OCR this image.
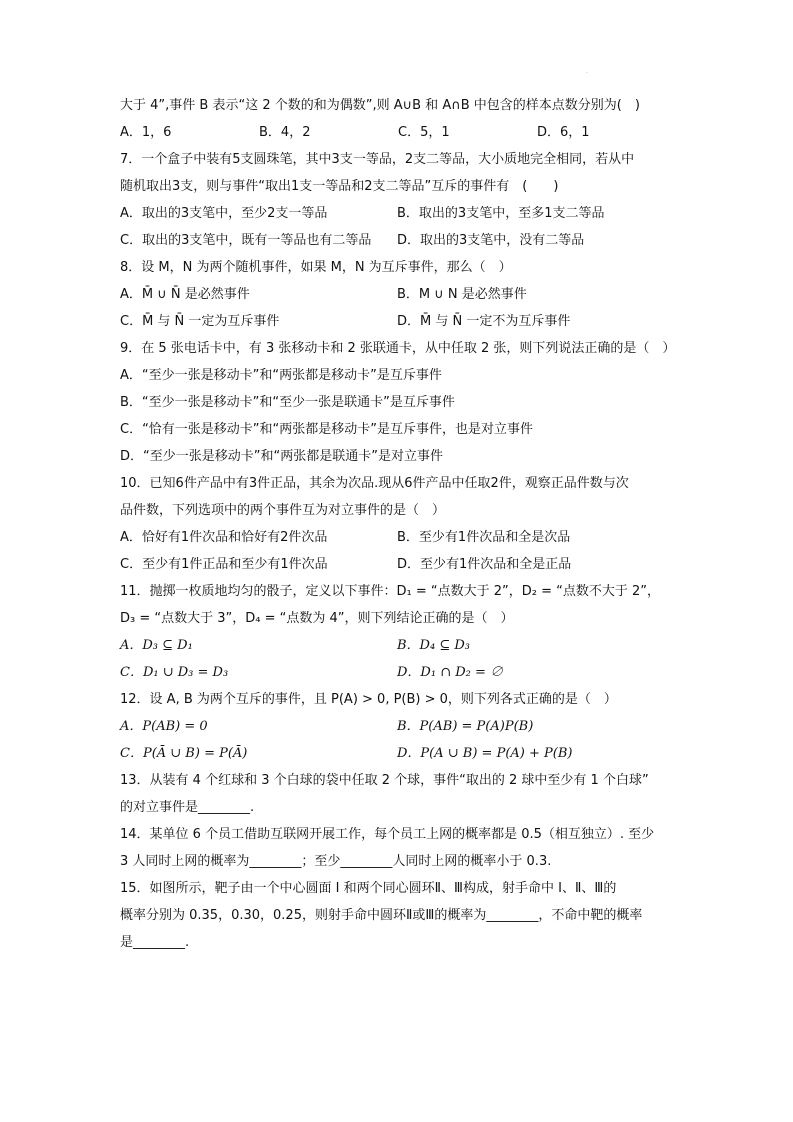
·
大于 4”,事件 B 表示“这 2 个数的和为偶数”,则 A∪B 和 A∩B 中包含的样本点数分别为(　)
A．1，6	B．4，2	C．5，1	D．6，1
7．一个盒子中装有5支圆珠笔，其中3支一等品，2支二等品，大小质地完全相同，若从中
随机取出3支，则与事件“取出1支一等品和2支二等品”互斥的事件有　(　　)
A．取出的3支笔中，至少2支一等品	B．取出的3支笔中，至多1支二等品
C．取出的3支笔中，既有一等品也有二等品	D．取出的3支笔中，没有二等品
8．设 M，N 为两个随机事件，如果 M，N 为互斥事件，那么（　）
A．M̄ ∪ N̄ 是必然事件	B．M ∪ N 是必然事件
C．M̄ 与 N̄ 一定为互斥事件	D．M̄ 与 N̄ 一定不为互斥事件
9．在 5 张电话卡中，有 3 张移动卡和 2 张联通卡，从中任取 2 张，则下列说法正确的是（　）
A．“至少一张是移动卡”和“两张都是移动卡”是互斥事件
B．“至少一张是移动卡”和“至少一张是联通卡”是互斥事件
C．“恰有一张是移动卡”和“两张都是移动卡”是互斥事件，也是对立事件
D．“至少一张是移动卡”和“两张都是联通卡”是对立事件
10．已知6件产品中有3件正品，其余为次品.现从6件产品中任取2件，观察正品件数与次
品件数，下列选项中的两个事件互为对立事件的是（　）
A．恰好有1件次品和恰好有2件次品	B．至少有1件次品和全是次品
C．至少有1件正品和至少有1件次品	D．至少有1件次品和全是正品
11．抛掷一枚质地均匀的骰子，定义以下事件：D₁ = “点数大于 2”，D₂ = “点数不大于 2”，
D₃ = “点数大于 3”，D₄ = “点数为 4”，则下列结论正确的是（　）
A．D₃ ⊆ D₁	B．D₄ ⊆ D₃
C．D₁ ∪ D₃ = D₃	D．D₁ ∩ D₂ = ∅
12．设 A, B 为两个互斥的事件，且 P(A) > 0, P(B) > 0，则下列各式正确的是（　）
A．P(AB) = 0	B．P(AB) = P(A)P(B)
C．P(Ā ∪ B) = P(Ā)	D．P(A ∪ B) = P(A) + P(B)
13．从装有 4 个红球和 3 个白球的袋中任取 2 个球，事件“取出的 2 球中至少有 1 个白球”
的对立事件是________.
14．某单位 6 个员工借助互联网开展工作，每个员工上网的概率都是 0.5（相互独立）. 至少
3 人同时上网的概率为________；至少________人同时上网的概率小于 0.3.
15．如图所示，靶子由一个中心圆面 I 和两个同心圆环Ⅱ、Ⅲ构成，射手命中 I、Ⅱ、Ⅲ的
概率分别为 0.35，0.30，0.25，则射手命中圆环Ⅱ或Ⅲ的概率为________，不命中靶的概率
是________.
